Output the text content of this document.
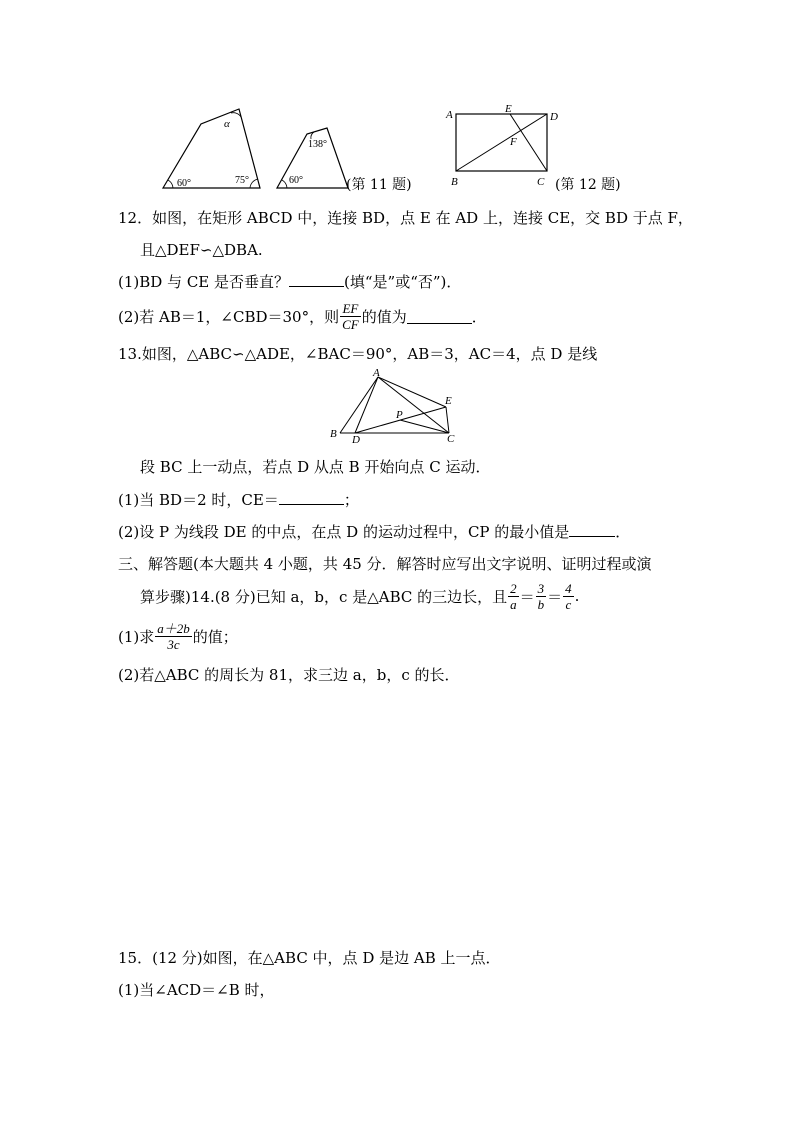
60°	75°
α
138°
60°	(第 11 题)
A	E
D
F
B	C (第 12 题)
12．如图，在矩形 ABCD 中，连接 BD，点 E 在 AD 上，连接 CE，交 BD 于点 F，
且△DEF∽△DBA.
(1)BD 与 CE 是否垂直？	(填“是”或“否”)．
(2)若 AB＝1，∠CBD＝30°，则 $\frac{EF}{CF}$ 的值为	．
13.如图，△ABC∽△ADE，∠BAC＝90°，AB＝3，AC＝4，点 D 是线
A
E
P
B D	C
段 BC 上一动点，若点 D 从点 B 开始向点 C 运动．
(1)当 BD＝2 时，CE＝	；
(2)设 P 为线段 DE 的中点，在点 D 的运动过程中，CP 的最小值是	．
三、解答题(本大题共 4 小题，共 45 分．解答时应写出文字说明、证明过程或演
算步骤)14.(8 分)已知 a，b，c 是△ABC 的三边长，且 $\frac{2}{a} = \frac{3}{b} = \frac{4}{c}$ .
(1)求 $\frac{a+2b}{3c}$ 的值；
(2)若△ABC 的周长为 81，求三边 a，b，c 的长．
15．(12 分)如图，在△ABC 中，点 D 是边 AB 上一点．
(1)当∠ACD＝∠B 时，
